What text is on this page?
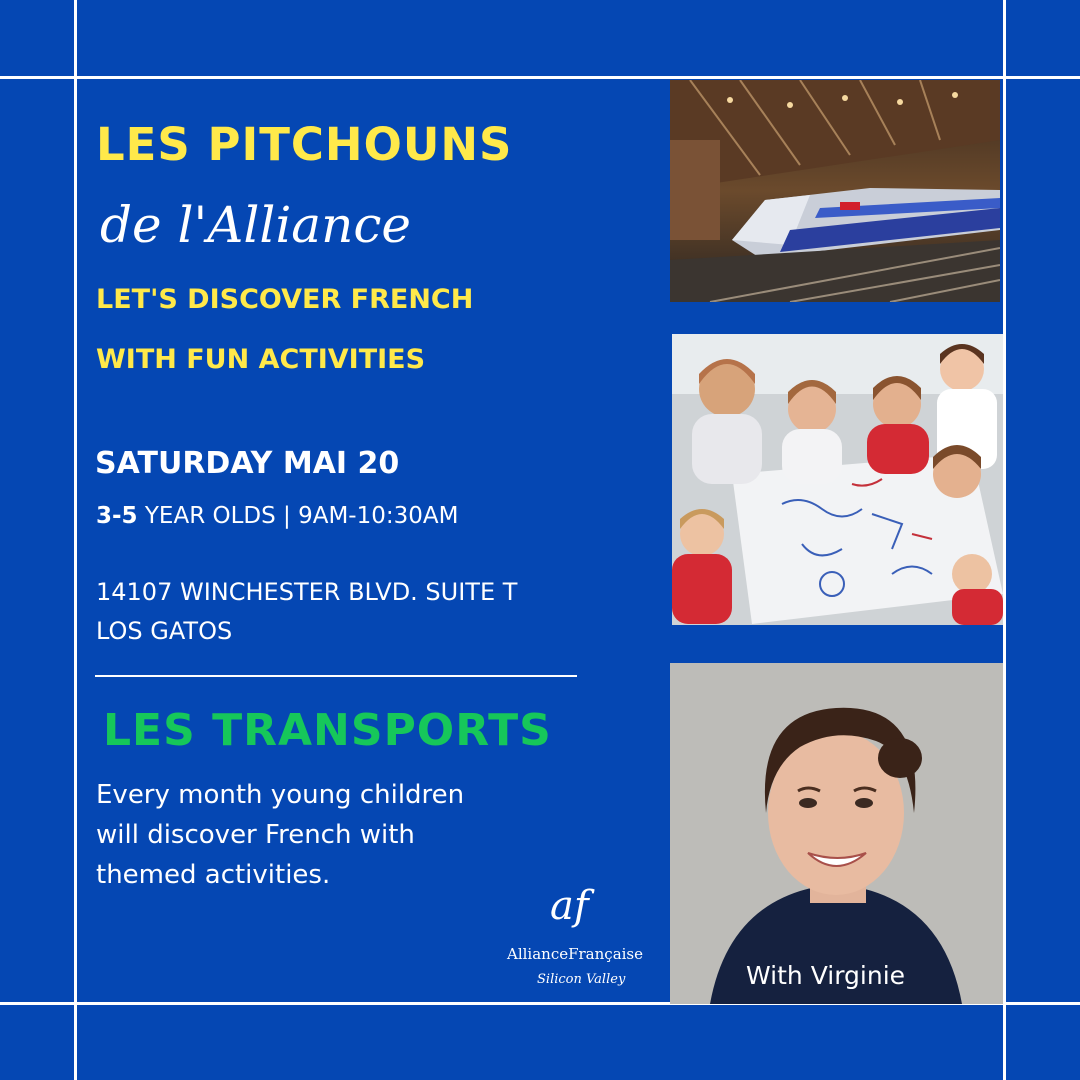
LES PITCHOUNS
de l'Alliance
LET'S DISCOVER FRENCH
WITH FUN ACTIVITIES
SATURDAY MAI 20
3-5 YEAR OLDS | 9AM-10:30AM
14107 WINCHESTER BLVD. SUITE T
LOS GATOS
LES TRANSPORTS
Every month young children
will discover French with
themed activities.
af
AllianceFrançaise
Silicon Valley	With Virginie
